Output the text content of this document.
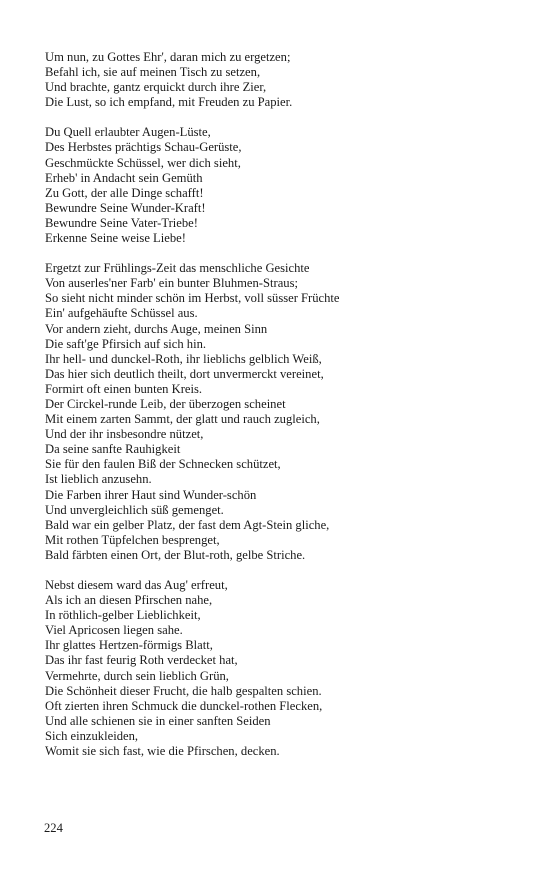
Um nun, zu Gottes Ehr', daran mich zu ergetzen;
Befahl ich, sie auf meinen Tisch zu setzen,
Und brachte, gantz erquickt durch ihre Zier,
Die Lust, so ich empfand, mit Freuden zu Papier.
Du Quell erlaubter Augen-Lüste,
Des Herbstes prächtigs Schau-Gerüste,
Geschmückte Schüssel, wer dich sieht,
Erheb' in Andacht sein Gemüth
Zu Gott, der alle Dinge schafft!
Bewundre Seine Wunder-Kraft!
Bewundre Seine Vater-Triebe!
Erkenne Seine weise Liebe!
Ergetzt zur Frühlings-Zeit das menschliche Gesichte
Von auserles'ner Farb' ein bunter Bluhmen-Straus;
So sieht nicht minder schön im Herbst, voll süsser Früchte
Ein' aufgehäufte Schüssel aus.
Vor andern zieht, durchs Auge, meinen Sinn
Die saft'ge Pfirsich auf sich hin.
Ihr hell- und dunckel-Roth, ihr lieblichs gelblich Weiß,
Das hier sich deutlich theilt, dort unvermerckt vereinet,
Formirt oft einen bunten Kreis.
Der Circkel-runde Leib, der überzogen scheinet
Mit einem zarten Sammt, der glatt und rauch zugleich,
Und der ihr insbesondre nützet,
Da seine sanfte Rauhigkeit
Sie für den faulen Biß der Schnecken schützet,
Ist lieblich anzusehn.
Die Farben ihrer Haut sind Wunder-schön
Und unvergleichlich süß gemenget.
Bald war ein gelber Platz, der fast dem Agt-Stein gliche,
Mit rothen Tüpfelchen besprenget,
Bald färbten einen Ort, der Blut-roth, gelbe Striche.
Nebst diesem ward das Aug' erfreut,
Als ich an diesen Pfirschen nahe,
In röthlich-gelber Lieblichkeit,
Viel Apricosen liegen sahe.
Ihr glattes Hertzen-förmigs Blatt,
Das ihr fast feurig Roth verdecket hat,
Vermehrte, durch sein lieblich Grün,
Die Schönheit dieser Frucht, die halb gespalten schien.
Oft zierten ihren Schmuck die dunckel-rothen Flecken,
Und alle schienen sie in einer sanften Seiden
Sich einzukleiden,
Womit sie sich fast, wie die Pfirschen, decken.
224
